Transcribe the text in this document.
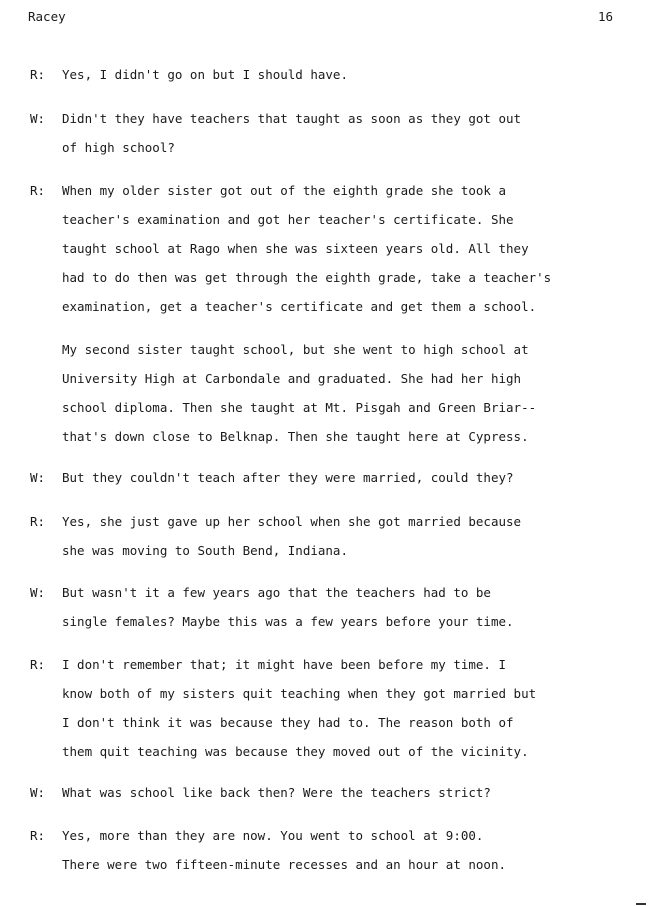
Racey	16
R: Yes, I didn't go on but I should have.
W: Didn't they have teachers that taught as soon as they got out
of high school?
R: When my older sister got out of the eighth grade she took a
teacher's examination and got her teacher's certificate. She
taught school at Rago when she was sixteen years old. All they
had to do then was get through the eighth grade, take a teacher's
examination, get a teacher's certificate and get them a school.
My second sister taught school, but she went to high school at
University High at Carbondale and graduated. She had her high
school diploma. Then she taught at Mt. Pisgah and Green Briar--
that's down close to Belknap. Then she taught here at Cypress.
W: But they couldn't teach after they were married, could they?
R: Yes, she just gave up her school when she got married because
she was moving to South Bend, Indiana.
W: But wasn't it a few years ago that the teachers had to be
single females? Maybe this was a few years before your time.
R: I don't remember that; it might have been before my time. I
know both of my sisters quit teaching when they got married but
I don't think it was because they had to. The reason both of
them quit teaching was because they moved out of the vicinity.
W: What was school like back then? Were the teachers strict?
R: Yes, more than they are now. You went to school at 9:00.
There were two fifteen-minute recesses and an hour at noon.
